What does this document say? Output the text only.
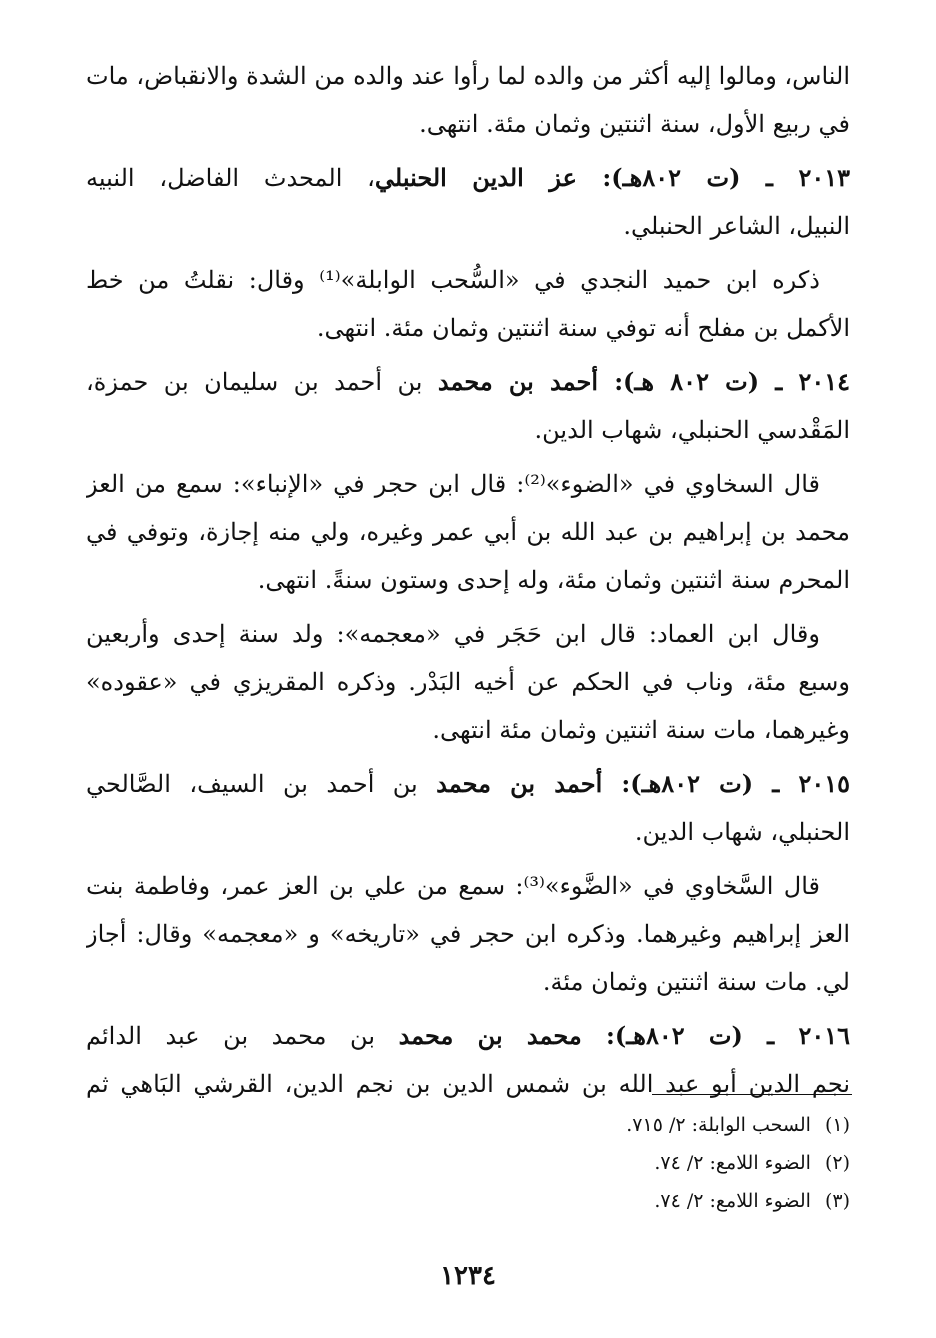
الناس، ومالوا إليه أكثر من والده لما رأوا عند والده من الشدة والانقباض، مات
في ربيع الأول، سنة اثنتين وثمان مئة. انتهى.
٢٠١٣ ـ (ت ٨٠٢هـ): عز الدين الحنبلي، المحدث الفاضل، النبيه
النبيل، الشاعر الحنبلي.
ذكره ابن حميد النجدي في «السُّحب الوابلة»⁽¹⁾ وقال: نقلتُ من خط
الأكمل بن مفلح أنه توفي سنة اثنتين وثمان مئة. انتهى.
٢٠١٤ ـ (ت ٨٠٢ هـ): أحمد بن محمد بن أحمد بن سليمان بن حمزة،
المَقْدسي الحنبلي، شهاب الدين.
قال السخاوي في «الضوء»⁽²⁾: قال ابن حجر في «الإنباء»: سمع من العز
محمد بن إبراهيم بن عبد الله بن أبي عمر وغيره، ولي منه إجازة، وتوفي في
المحرم سنة اثنتين وثمان مئة، وله إحدى وستون سنةً. انتهى.
وقال ابن العماد: قال ابن حَجَر في «معجمه»: ولد سنة إحدى وأربعين
وسبع مئة، وناب في الحكم عن أخيه البَدْر. وذكره المقريزي في «عقوده»
وغيرهما، مات سنة اثنتين وثمان مئة انتهى.
٢٠١٥ ـ (ت ٨٠٢هـ): أحمد بن محمد بن أحمد بن السيف، الصَّالحي
الحنبلي، شهاب الدين.
قال السَّخاوي في «الضَّوء»⁽³⁾: سمع من علي بن العز عمر، وفاطمة بنت
العز إبراهيم وغيرهما. وذكره ابن حجر في «تاريخه» و «معجمه» وقال: أجاز
لي. مات سنة اثنتين وثمان مئة.
٢٠١٦ ـ (ت ٨٠٢هـ): محمد بن محمد بن محمد بن عبد الدائم
نجم الدين أبو عبد الله بن شمس الدين بن نجم الدين، القرشي البَاهي ثم
(١)السحب الوابلة: ٢/ ٧١٥.
(٢)الضوء اللامع: ٢/ ٧٤.
(٣)الضوء اللامع: ٢/ ٧٤.
١٢٣٤
